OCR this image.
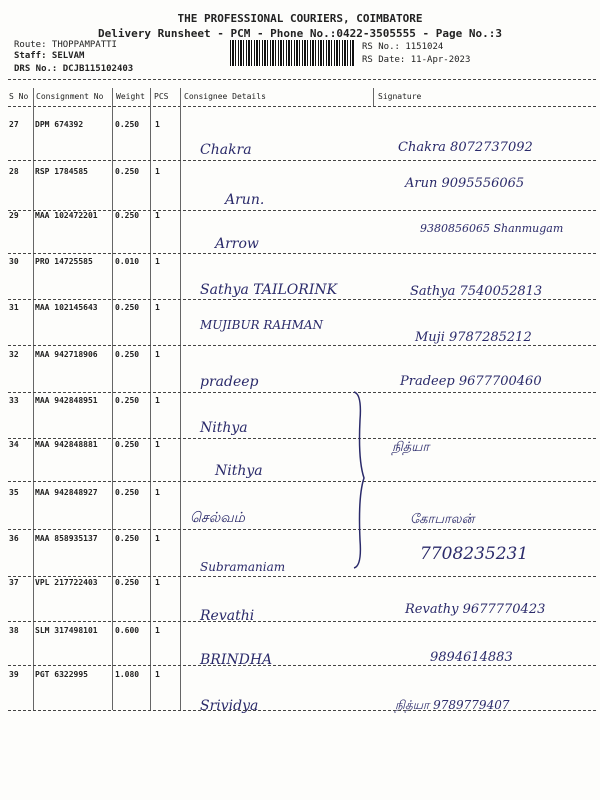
THE PROFESSIONAL COURIERS, COIMBATORE
Delivery Runsheet - PCM - Phone No.:0422-3505555 - Page No.:3
Route: THOPPAMPATTI
Staff: SELVAM
DRS No.: DCJB115102403
RS No.: 1151024
RS Date: 11-Apr-2023
S No Consignment No Weight PCS Consignee Details	Signature
27 DPM 674392	0.250 1
Chakra	Chakra 8072737092
28 RSP 1784585	0.250 1
Arun.
Arun 9095556065
29 MAA 102472201 0.250 1
Arrow
9380856065 Shanmugam
30 PRO 14725585	0.010 1
Sathya TAILORINK	Sathya 7540052813
31 MAA 102145643 0.250 1
MUJIBUR RAHMAN
Muji 9787285212
32 MAA 942718906 0.250 1
pradeep	Pradeep 9677700460
33 MAA 942848951 0.250 1
Nithya
34 MAA 942848881 0.250 1
Nithya
நித்யா
35 MAA 942848927 0.250 1
செல்வம்	கோபாலன்
36 MAA 858935137 0.250 1
Subramaniam
7708235231
37 VPL 217722403 0.250 1
Revathi	Revathy 9677770423
38 SLM 317498101 0.600 1
BRINDHA	9894614883
39 PGT 6322995	1.080 1
Srividya	நித்யா 9789779407
